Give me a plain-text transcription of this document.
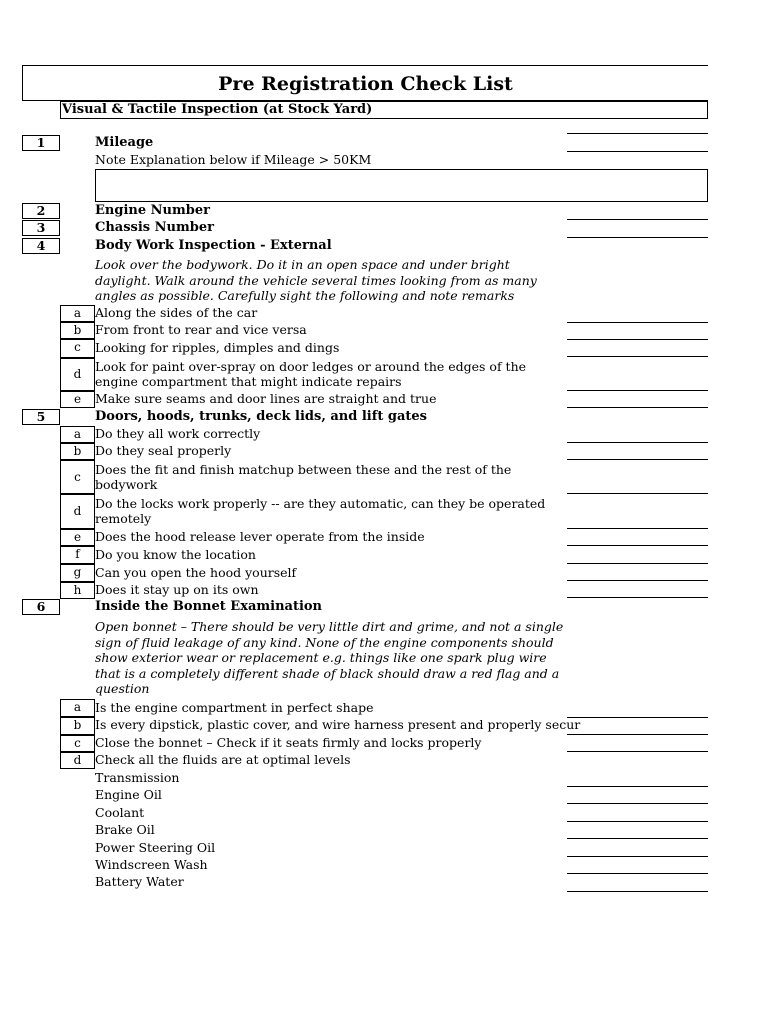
Pre Registration Check List
Visual & Tactile Inspection (at Stock Yard)
1	Mileage
Note Explanation below if Mileage > 50KM
2	Engine Number
3	Chassis Number
4	Body Work Inspection - External
Look over the bodywork. Do it in an open space and under bright daylight. Walk around the vehicle several times looking from as many angles as possible. Carefully sight the following and note remarks
a	Along the sides of the car
b	From front to rear and vice versa
c	Looking for ripples, dimples and dings
d	Look for paint over-spray on door ledges or around the edges of the engine compartment that might indicate repairs
e	Make sure seams and door lines are straight and true
5	Doors, hoods, trunks, deck lids, and lift gates
a	Do they all work correctly
b	Do they seal properly
c	Does the fit and finish matchup between these and the rest of the bodywork
d	Do the locks work properly -- are they automatic, can they be operated remotely
e	Does the hood release lever operate from the inside
f	Do you know the location
g	Can you open the hood yourself
h	Does it stay up on its own
6	Inside the Bonnet Examination
Open bonnet – There should be very little dirt and grime, and not a single sign of fluid leakage of any kind. None of the engine components should show exterior wear or replacement e.g. things like one spark plug wire that is a completely different shade of black should draw a red flag and a question
a	Is the engine compartment in perfect shape
b	Is every dipstick, plastic cover, and wire harness present and properly secur
c	Close the bonnet – Check if it seats firmly and locks properly
d	Check all the fluids are at optimal levels
Transmission
Engine Oil
Coolant
Brake Oil
Power Steering Oil
Windscreen Wash
Battery Water
